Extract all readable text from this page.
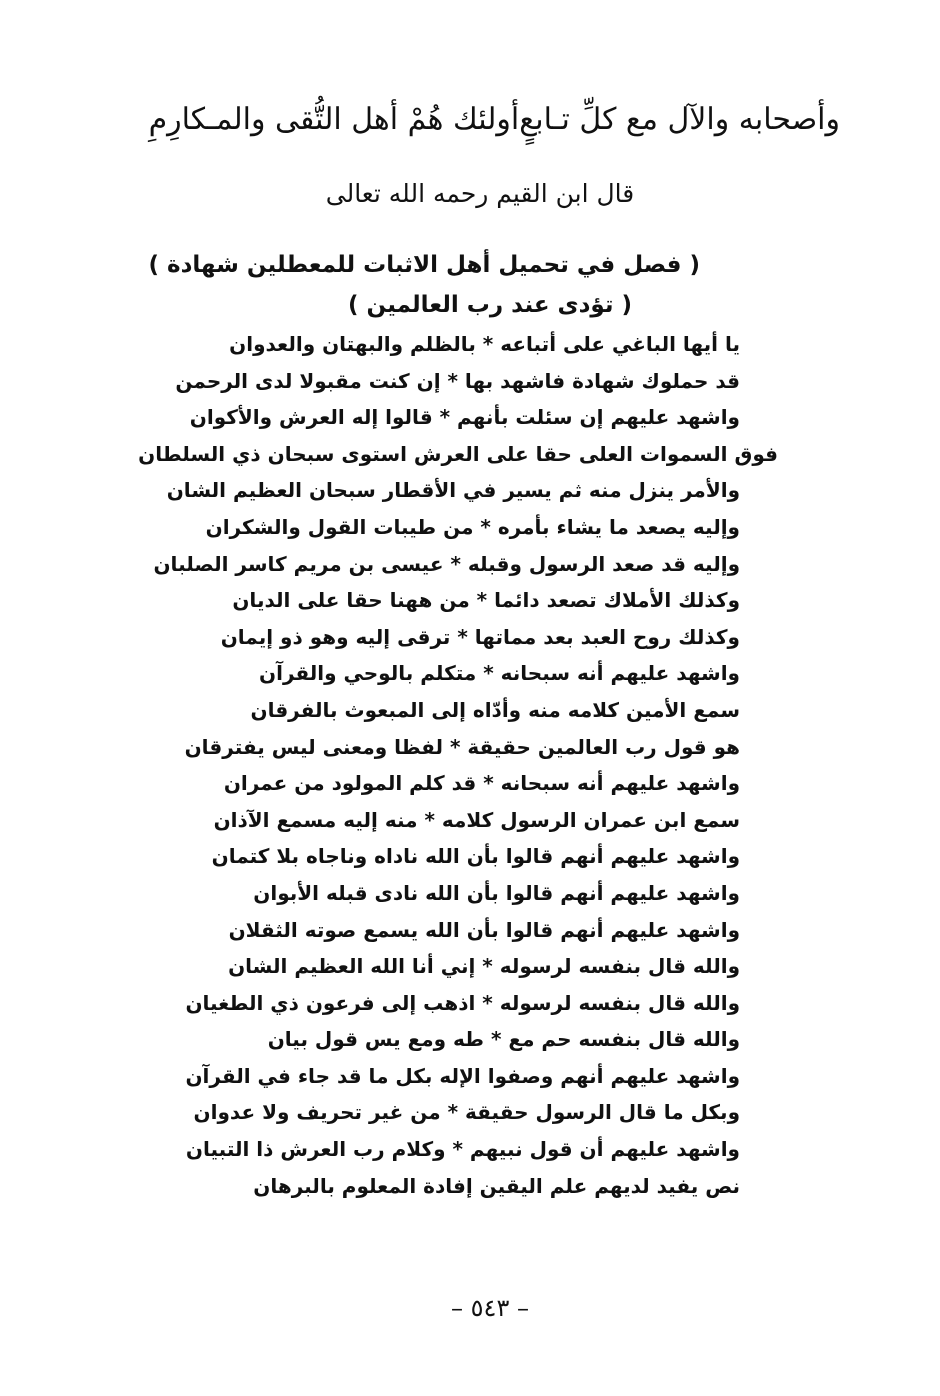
وأصحابه والآل مع كلِّ تـابعٍ
أولئك هُمْ أهل التُّقى والمـكارِمِ
قال ابن القيم رحمه الله تعالى
( فصل في تحميل أهل الاثبات للمعطلين شهادة )
( تؤدى عند رب العالمين )
يا أيها الباغي على أتباعه * بالظلم والبهتان والعدوان
قد حملوك شهادة فاشهد بها * إن كنت مقبولا لدى الرحمن
واشهد عليهم إن سئلت بأنهم * قالوا إله العرش والأكوان
فوق السموات العلى حقا على العرش استوى سبحان ذي السلطان
والأمر ينزل منه ثم يسير في الأقطار سبحان العظيم الشان
وإليه يصعد ما يشاء بأمره * من طيبات القول والشكران
وإليه قد صعد الرسول وقبله * عيسى بن مريم كاسر الصلبان
وكذلك الأملاك تصعد دائما * من ههنا حقا على الديان
وكذلك روح العبد بعد مماتها * ترقى إليه وهو ذو إيمان
واشهد عليهم أنه سبحانه * متكلم بالوحي والقرآن
سمع الأمين كلامه منه وأدّاه إلى المبعوث بالفرقان
هو قول رب العالمين حقيقة * لفظا ومعنى ليس يفترقان
واشهد عليهم أنه سبحانه * قد كلم المولود من عمران
سمع ابن عمران الرسول كلامه * منه إليه مسمع الآذان
واشهد عليهم أنهم قالوا بأن الله ناداه وناجاه بلا كتمان
واشهد عليهم أنهم قالوا بأن الله نادى قبله الأبوان
واشهد عليهم أنهم قالوا بأن الله يسمع صوته الثقلان
والله قال بنفسه لرسوله * إني أنا الله العظيم الشان
والله قال بنفسه لرسوله * اذهب إلى فرعون ذي الطغيان
والله قال بنفسه حم مع * طه ومع يس قول بيان
واشهد عليهم أنهم وصفوا الإله بكل ما قد جاء في القرآن
وبكل ما قال الرسول حقيقة * من غير تحريف ولا عدوان
واشهد عليهم أن قول نبيهم * وكلام رب العرش ذا التبيان
نص يفيد لديهم علم اليقين إفادة المعلوم بالبرهان
– ٥٤٣ –
